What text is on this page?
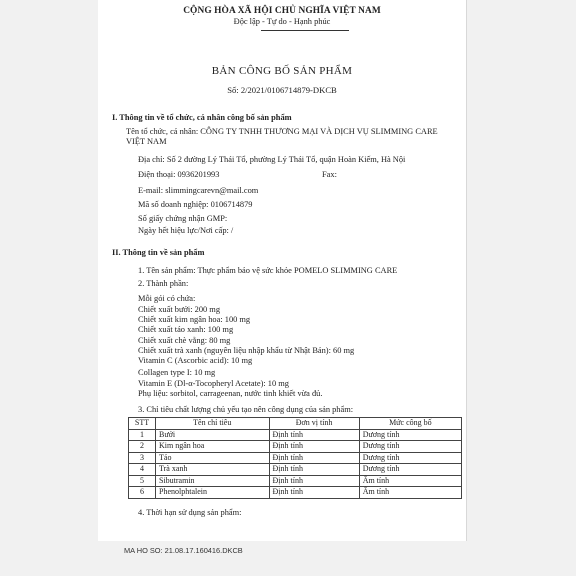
CỘNG HÒA XÃ HỘI CHỦ NGHĨA VIỆT NAM
Độc lập - Tự do - Hạnh phúc
BẢN CÔNG BỐ SẢN PHẨM
Số: 2/2021/0106714879-DKCB
I. Thông tin về tổ chức, cá nhân công bố sản phẩm
Tên tổ chức, cá nhân: CÔNG TY TNHH THƯƠNG MẠI VÀ DỊCH VỤ SLIMMING CARE
VIỆT NAM
Địa chỉ: Số 2 đường Lý Thái Tổ, phường Lý Thái Tổ, quận Hoàn Kiếm, Hà Nội
Điện thoại: 0936201993	Fax:
E-mail: slimmingcarevn@mail.com
Mã số doanh nghiệp: 0106714879
Số giấy chứng nhận GMP:
Ngày hết hiệu lực/Nơi cấp: /
II. Thông tin về sản phẩm
1. Tên sản phẩm: Thực phẩm bảo vệ sức khỏe POMELO SLIMMING CARE
2. Thành phần:
Mỗi gói có chứa:
Chiết xuất bưởi: 200 mg
Chiết xuất kim ngân hoa: 100 mg
Chiết xuất táo xanh: 100 mg
Chiết xuất chè vằng: 80 mg
Chiết xuất trà xanh (nguyên liệu nhập khẩu từ Nhật Bản): 60 mg
Vitamin C (Ascorbic acid): 10 mg
Collagen type I: 10 mg
Vitamin E (Dl-α-Tocopheryl Acetate): 10 mg
Phụ liệu: sorbitol, carrageenan, nước tinh khiết vừa đủ.
3. Chỉ tiêu chất lượng chủ yếu tạo nên công dụng của sản phẩm:
STT	Tên chỉ tiêu	Đơn vị tính	Mức công bố
1	Bưởi	Định tính	Dương tính
2	Kim ngân hoa	Định tính	Dương tính
3	Táo	Định tính	Dương tính
4	Trà xanh	Định tính	Dương tính
5	Sibutramin	Định tính	Âm tính
6	Phenolphtalein	Định tính	Âm tính
4. Thời hạn sử dụng sản phẩm:
MA HO SO: 21.08.17.160416.DKCB
